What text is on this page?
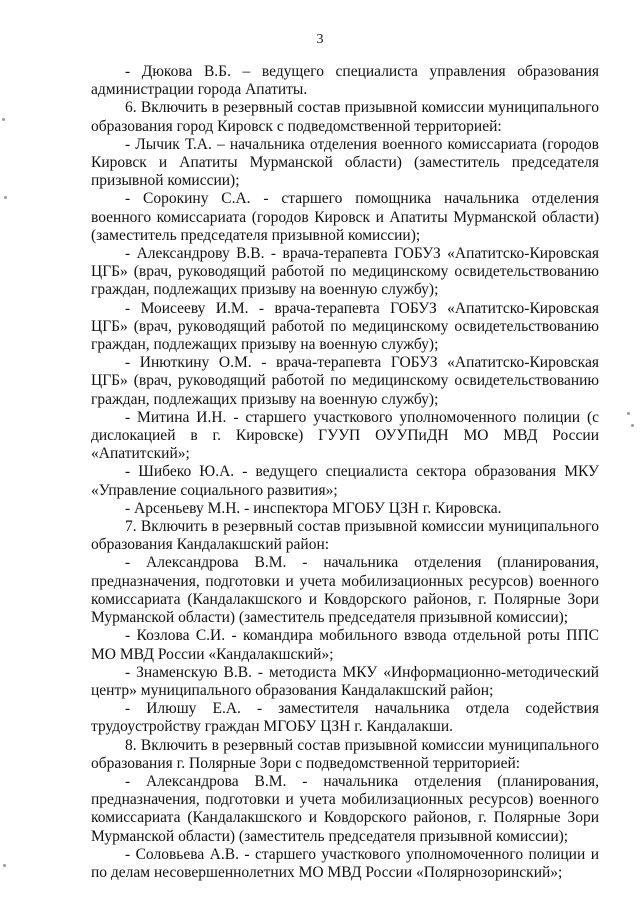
3

- Дюкова В.Б. – ведущего специалиста управления образования администрации города Апатиты.

6. Включить в резервный состав призывной комиссии муниципального образования город Кировск с подведомственной территорией:

- Лычик Т.А. – начальника отделения военного комиссариата (городов Кировск и Апатиты Мурманской области) (заместитель председателя призывной комиссии);

- Сорокину С.А. - старшего помощника начальника отделения военного комиссариата (городов Кировск и Апатиты Мурманской области) (заместитель председателя призывной комиссии);

- Александрову В.В. - врача-терапевта ГОБУЗ «Апатитско-Кировская ЦГБ» (врач, руководящий работой по медицинскому освидетельствованию граждан, подлежащих призыву на военную службу);

- Моисееву И.М. - врача-терапевта ГОБУЗ «Апатитско-Кировская ЦГБ» (врач, руководящий работой по медицинскому освидетельствованию граждан, подлежащих призыву на военную службу);

- Инюткину О.М. - врача-терапевта ГОБУЗ «Апатитско-Кировская ЦГБ» (врач, руководящий работой по медицинскому освидетельствованию граждан, подлежащих призыву на военную службу);

- Митина И.Н. - старшего участкового уполномоченного полиции (с дислокацией в г. Кировске) ГУУП ОУУПиДН МО МВД России «Апатитский»;

- Шибеко Ю.А. - ведущего специалиста сектора образования МКУ «Управление социального развития»;

- Арсеньеву М.Н. - инспектора МГОБУ ЦЗН г. Кировска.

7. Включить в резервный состав призывной комиссии муниципального образования Кандалакшский район:

- Александрова В.М. - начальника отделения (планирования, предназначения, подготовки и учета мобилизационных ресурсов) военного комиссариата (Кандалакшского и Ковдорского районов, г. Полярные Зори Мурманской области) (заместитель председателя призывной комиссии);

- Козлова С.И. - командира мобильного взвода отдельной роты ППС МО МВД России «Кандалакшский»;

- Знаменскую В.В. - методиста МКУ «Информационно-методический центр» муниципального образования Кандалакшский район;

- Илюшу Е.А. - заместителя начальника отдела содействия трудоустройству граждан МГОБУ ЦЗН г. Кандалакши.

8. Включить в резервный состав призывной комиссии муниципального образования г. Полярные Зори с подведомственной территорией:

- Александрова В.М. - начальника отделения (планирования, предназначения, подготовки и учета мобилизационных ресурсов) военного комиссариата (Кандалакшского и Ковдорского районов, г. Полярные Зори Мурманской области) (заместитель председателя призывной комиссии);

- Соловьева А.В. - старшего участкового уполномоченного полиции и по делам несовершеннолетних МО МВД России «Полярнозоринский»;
